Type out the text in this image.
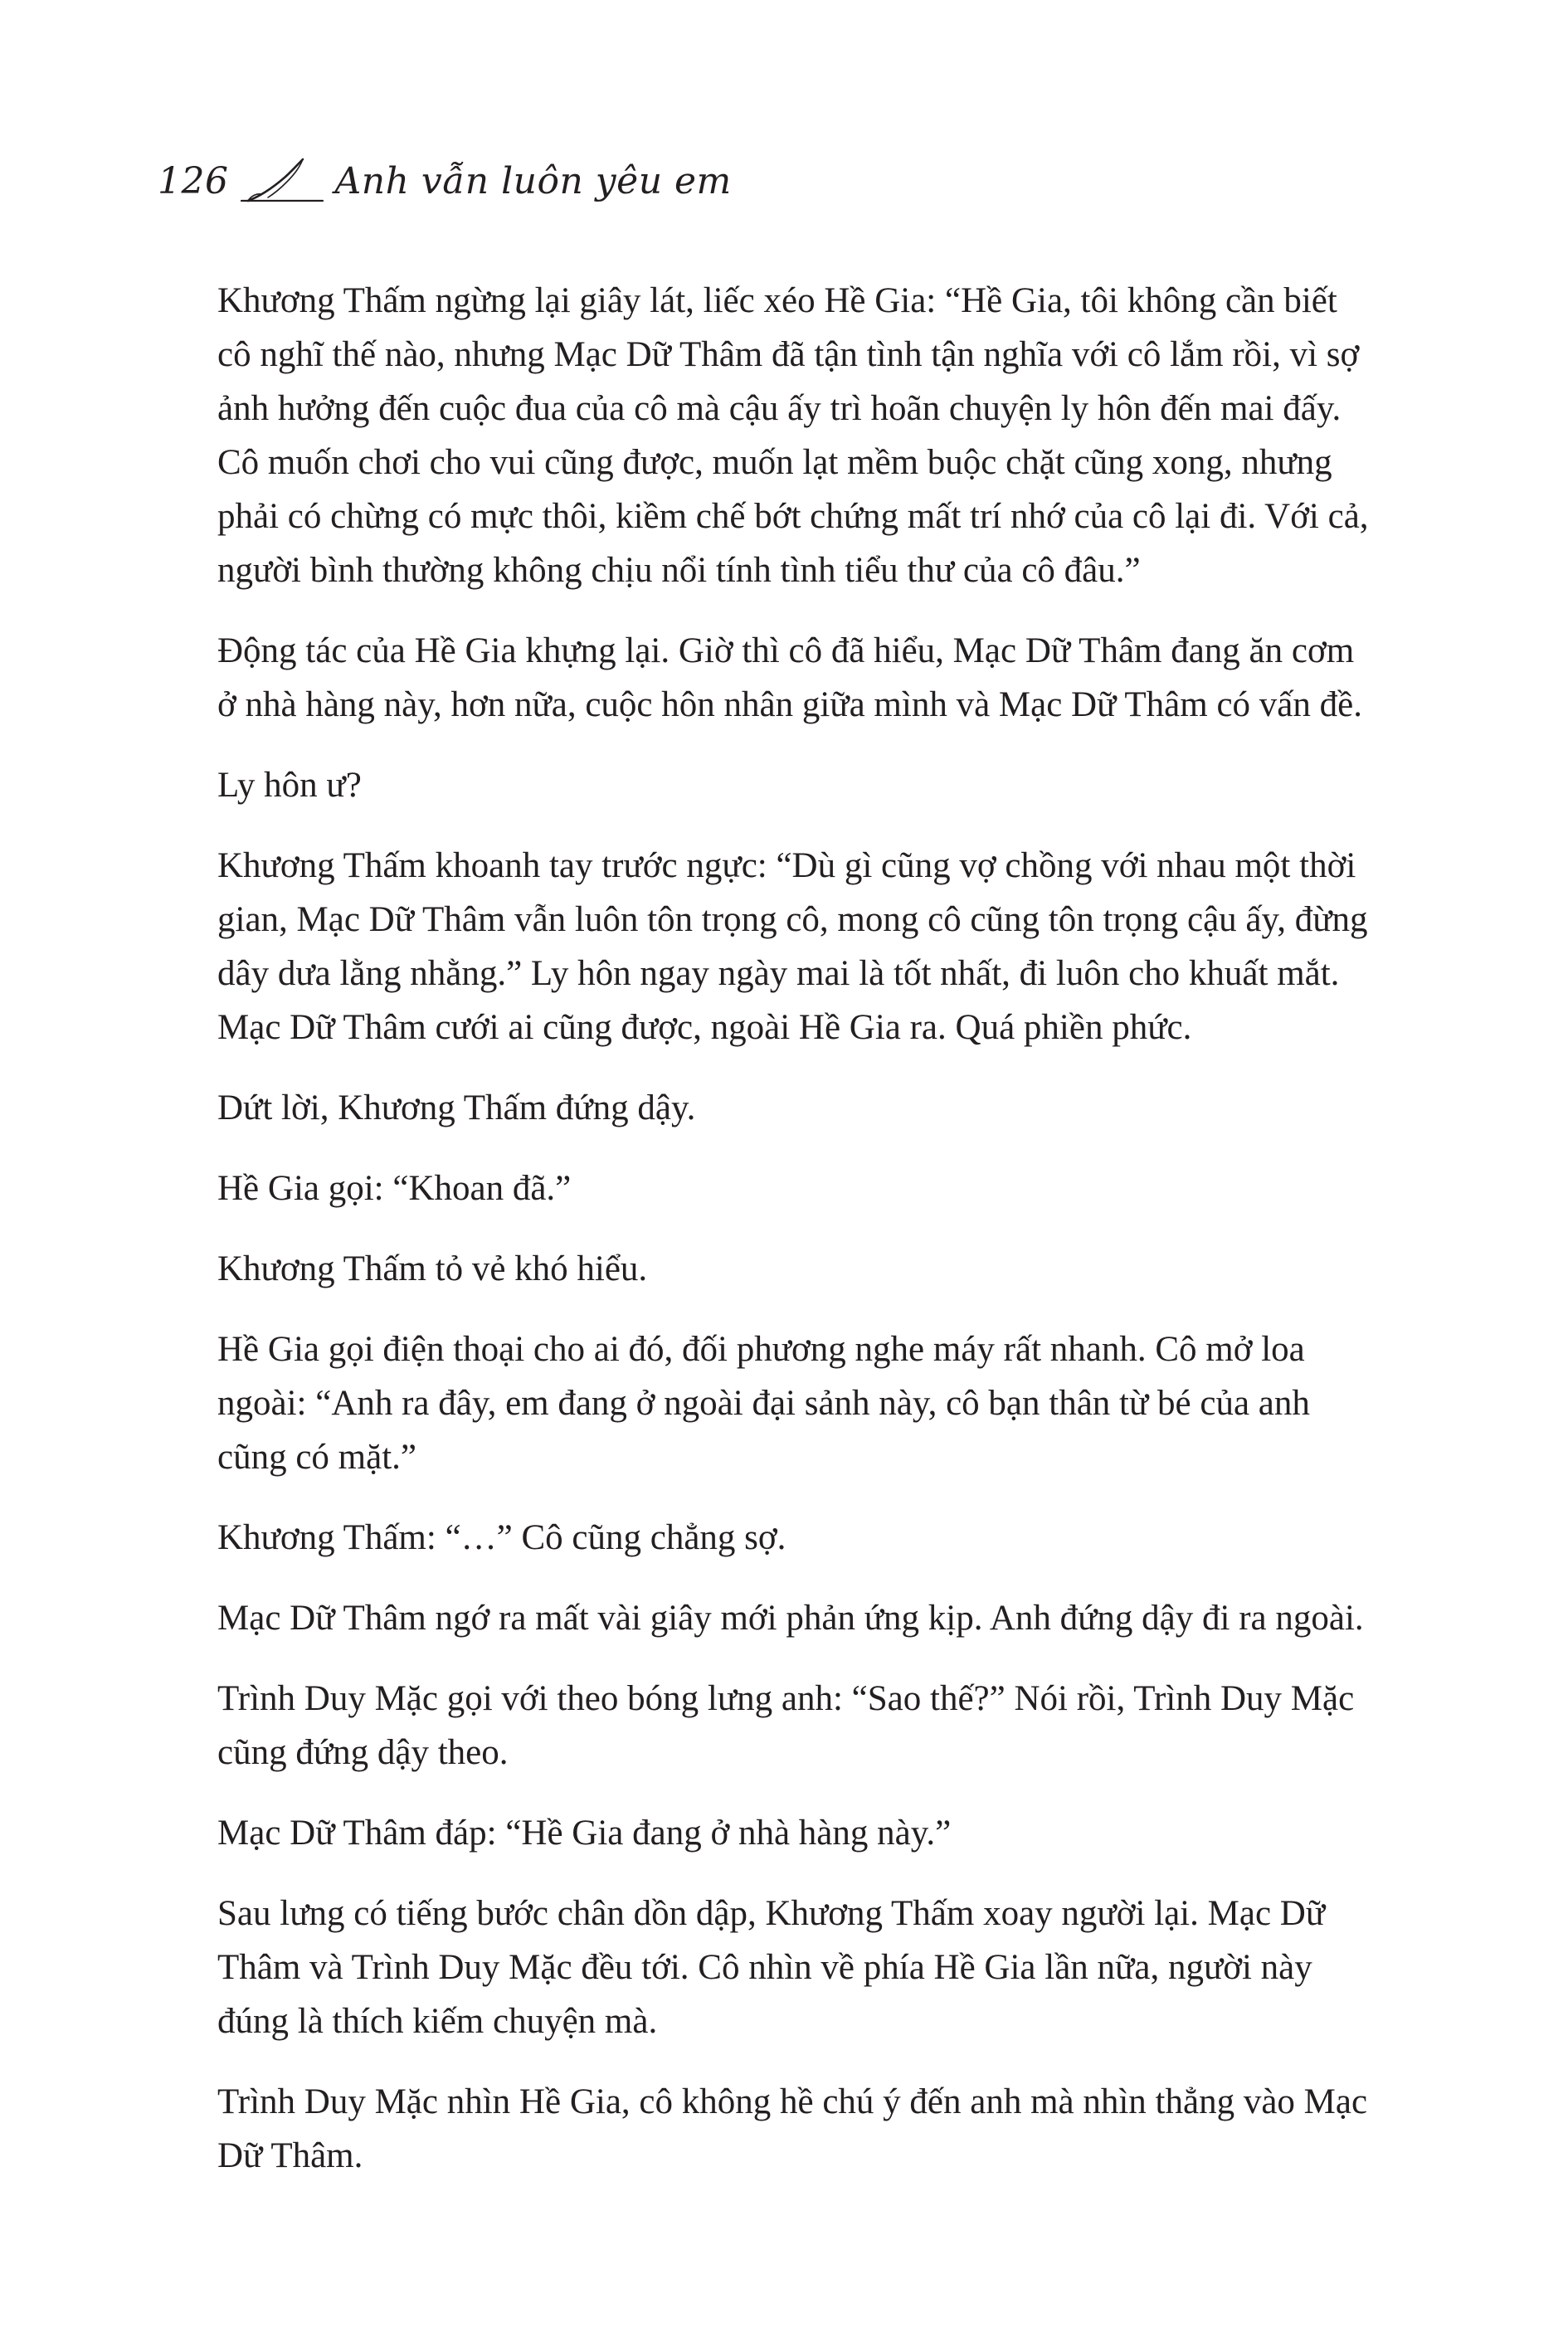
126	Anh vẫn luôn yêu em

Khương Thấm ngừng lại giây lát, liếc xéo Hề Gia: “Hề Gia, tôi không cần biết cô nghĩ thế nào, nhưng Mạc Dữ Thâm đã tận tình tận nghĩa với cô lắm rồi, vì sợ ảnh hưởng đến cuộc đua của cô mà cậu ấy trì hoãn chuyện ly hôn đến mai đấy. Cô muốn chơi cho vui cũng được, muốn lạt mềm buộc chặt cũng xong, nhưng phải có chừng có mực thôi, kiềm chế bớt chứng mất trí nhớ của cô lại đi. Với cả, người bình thường không chịu nổi tính tình tiểu thư của cô đâu.”

Động tác của Hề Gia khựng lại. Giờ thì cô đã hiểu, Mạc Dữ Thâm đang ăn cơm ở nhà hàng này, hơn nữa, cuộc hôn nhân giữa mình và Mạc Dữ Thâm có vấn đề.

Ly hôn ư?

Khương Thấm khoanh tay trước ngực: “Dù gì cũng vợ chồng với nhau một thời gian, Mạc Dữ Thâm vẫn luôn tôn trọng cô, mong cô cũng tôn trọng cậu ấy, đừng dây dưa lằng nhằng.” Ly hôn ngay ngày mai là tốt nhất, đi luôn cho khuất mắt. Mạc Dữ Thâm cưới ai cũng được, ngoài Hề Gia ra. Quá phiền phức.

Dứt lời, Khương Thấm đứng dậy.

Hề Gia gọi: “Khoan đã.”

Khương Thấm tỏ vẻ khó hiểu.

Hề Gia gọi điện thoại cho ai đó, đối phương nghe máy rất nhanh. Cô mở loa ngoài: “Anh ra đây, em đang ở ngoài đại sảnh này, cô bạn thân từ bé của anh cũng có mặt.”

Khương Thấm: “…” Cô cũng chẳng sợ.

Mạc Dữ Thâm ngớ ra mất vài giây mới phản ứng kịp. Anh đứng dậy đi ra ngoài.

Trình Duy Mặc gọi với theo bóng lưng anh: “Sao thế?” Nói rồi, Trình Duy Mặc cũng đứng dậy theo.

Mạc Dữ Thâm đáp: “Hề Gia đang ở nhà hàng này.”

Sau lưng có tiếng bước chân dồn dập, Khương Thấm xoay người lại. Mạc Dữ Thâm và Trình Duy Mặc đều tới. Cô nhìn về phía Hề Gia lần nữa, người này đúng là thích kiếm chuyện mà.

Trình Duy Mặc nhìn Hề Gia, cô không hề chú ý đến anh mà nhìn thẳng vào Mạc Dữ Thâm.
